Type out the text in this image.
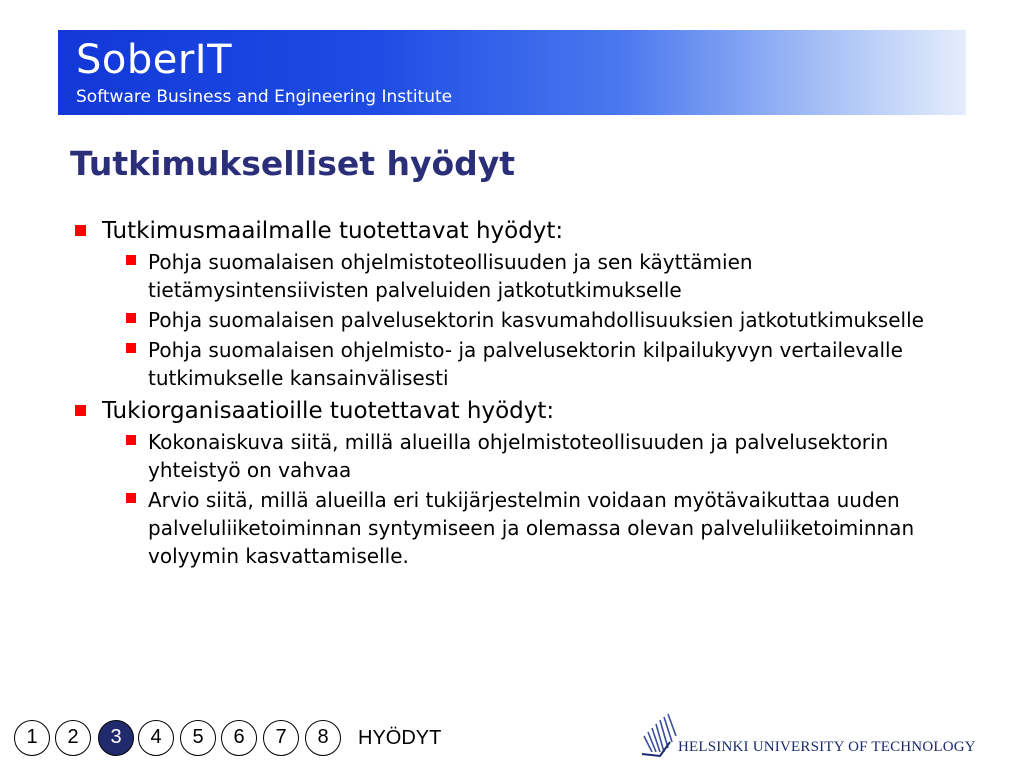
SoberIT
Software Business and Engineering Institute
Tutkimukselliset hyödyt
Tutkimusmaailmalle tuotettavat hyödyt:
Pohja suomalaisen ohjelmistoteollisuuden ja sen käyttämien tietämysintensiivisten palveluiden jatkotutkimukselle
Pohja suomalaisen palvelusektorin kasvumahdollisuuksien jatkotutkimukselle
Pohja suomalaisen ohjelmisto- ja palvelusektorin kilpailukyvyn vertailevalle tutkimukselle kansainvälisesti
Tukiorganisaatioille tuotettavat hyödyt:
Kokonaiskuva siitä, millä alueilla ohjelmistoteollisuuden ja palvelusektorin yhteistyö on vahvaa
Arvio siitä, millä alueilla eri tukijärjestelmin voidaan myötävaikuttaa uuden palveluliiketoiminnan syntymiseen ja olemassa olevan palveluliiketoiminnan volyymin kasvattamiselle.
1	2	3	4	5	6	7	8	HYÖDYT	HELSINKI UNIVERSITY OF TECHNOLOGY
